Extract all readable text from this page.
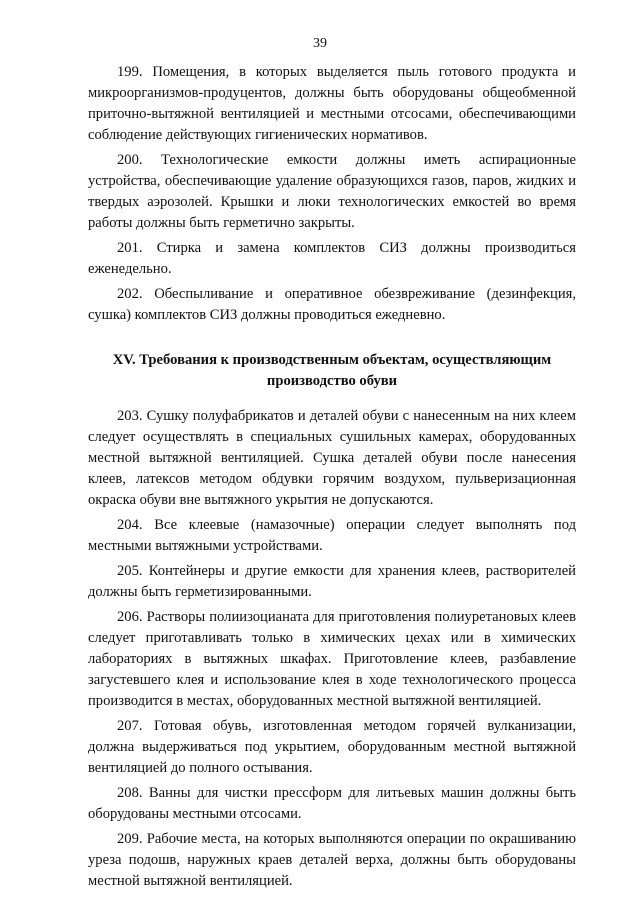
39

199. Помещения, в которых выделяется пыль готового продукта и микроорганизмов-продуцентов, должны быть оборудованы общеобменной приточно-вытяжной вентиляцией и местными отсосами, обеспечивающими соблюдение действующих гигиенических нормативов.

200. Технологические емкости должны иметь аспирационные устройства, обеспечивающие удаление образующихся газов, паров, жидких и твердых аэрозолей. Крышки и люки технологических емкостей во время работы должны быть герметично закрыты.

201. Стирка и замена комплектов СИЗ должны производиться еженедельно.

202. Обеспыливание и оперативное обезвреживание (дезинфекция, сушка) комплектов СИЗ должны проводиться ежедневно.

XV. Требования к производственным объектам, осуществляющим производство обуви

203. Сушку полуфабрикатов и деталей обуви с нанесенным на них клеем следует осуществлять в специальных сушильных камерах, оборудованных местной вытяжной вентиляцией. Сушка деталей обуви после нанесения клеев, латексов методом обдувки горячим воздухом, пульверизационная окраска обуви вне вытяжного укрытия не допускаются.

204. Все клеевые (намазочные) операции следует выполнять под местными вытяжными устройствами.

205. Контейнеры и другие емкости для хранения клеев, растворителей должны быть герметизированными.

206. Растворы полиизоцианата для приготовления полиуретановых клеев следует приготавливать только в химических цехах или в химических лабораториях в вытяжных шкафах. Приготовление клеев, разбавление загустевшего клея и использование клея в ходе технологического процесса производится в местах, оборудованных местной вытяжной вентиляцией.

207. Готовая обувь, изготовленная методом горячей вулканизации, должна выдерживаться под укрытием, оборудованным местной вытяжной вентиляцией до полного остывания.

208. Ванны для чистки прессформ для литьевых машин должны быть оборудованы местными отсосами.

209. Рабочие места, на которых выполняются операции по окрашиванию уреза подошв, наружных краев деталей верха, должны быть оборудованы местной вытяжной вентиляцией.
